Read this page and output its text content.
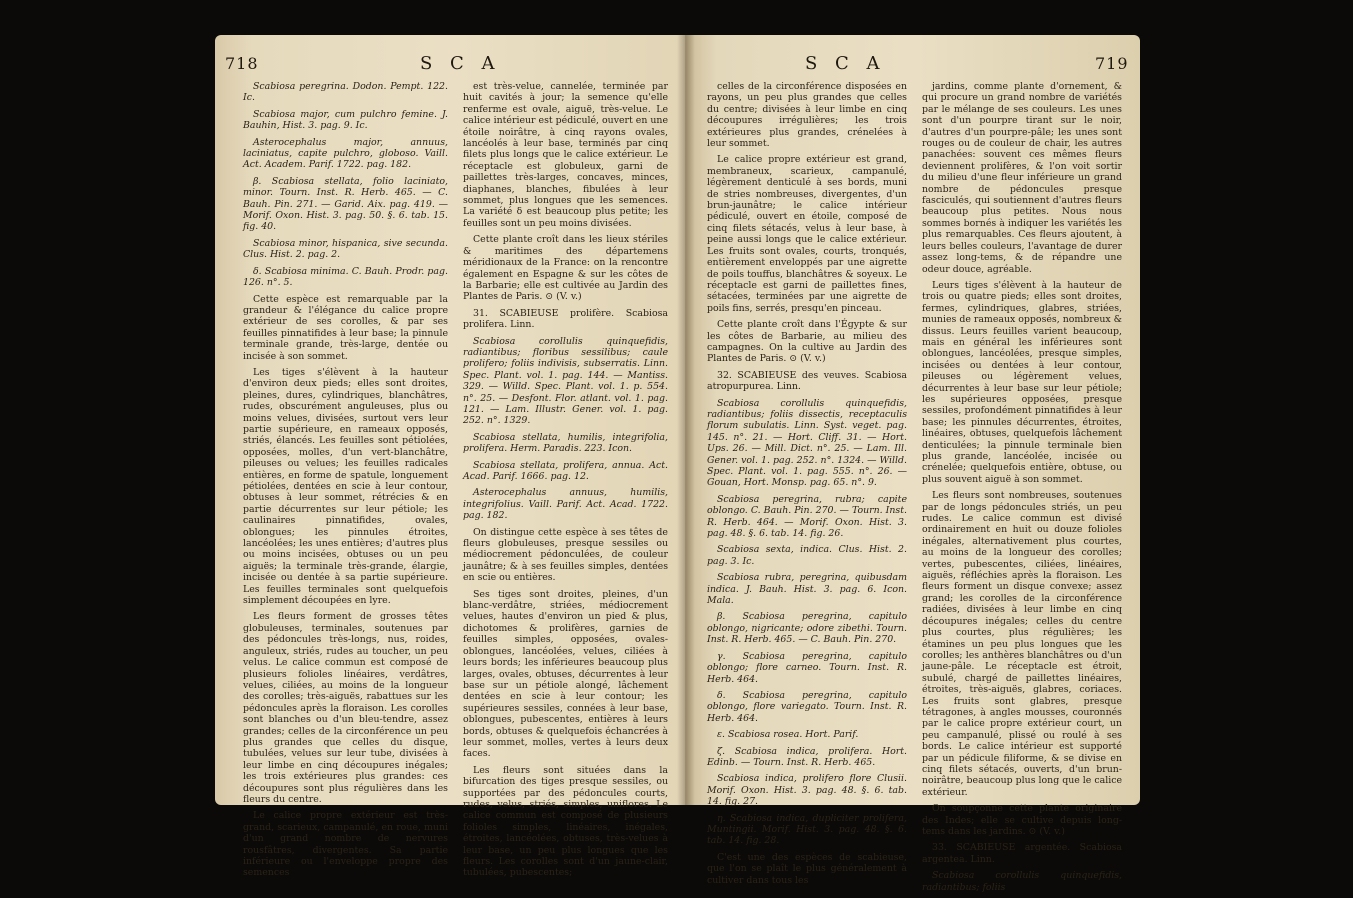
718	S C A

Scabiosa peregrina. Dodon. Pempt. 122. Ic.

Scabiosa major, cum pulchro femine. J. Bauhin, Hist. 3. pag. 9. Ic.

Asterocephalus major, annuus, laciniatus, capite pulchro, globoso. Vaill. Act. Academ. Parif. 1722. pag. 182.

β. Scabiosa stellata, folio laciniato, minor. Tourn. Inst. R. Herb. 465. — C. Bauh. Pin. 271. — Garid. Aix. pag. 419. — Morif. Oxon. Hist. 3. pag. 50. §. 6. tab. 15. fig. 40.

Scabiosa minor, hispanica, sive secunda. Clus. Hist. 2. pag. 2.

δ. Scabiosa minima. C. Bauh. Prodr. pag. 126. n°. 5.

Cette espèce est remarquable par la grandeur & l'élégance du calice propre extérieur de ses corolles, & par ses feuilles pinnatifides à leur base; la pinnule terminale grande, très-large, dentée ou incisée à son sommet.

Les tiges s'élèvent à la hauteur d'environ deux pieds; elles sont droites, pleines, dures, cylindriques, blanchâtres, rudes, obscurément anguleuses, plus ou moins velues, divisées, surtout vers leur partie supérieure, en rameaux opposés, striés, élancés. Les feuilles sont pétiolées, opposées, molles, d'un vert-blanchâtre, pileuses ou velues; les feuilles radicales entières, en forme de spatule, longuement pétiolées, dentées en scie à leur contour, obtuses à leur sommet, rétrécies & en partie décurrentes sur leur pétiole; les caulinaires pinnatifides, ovales, oblongues; les pinnules étroites, lancéolées; les unes entières; d'autres plus ou moins incisées, obtuses ou un peu aiguës; la terminale très-grande, élargie, incisée ou dentée à sa partie supérieure. Les feuilles terminales sont quelquefois simplement découpées en lyre.

Les fleurs forment de grosses têtes globuleuses, terminales, soutenues par des pédoncules très-longs, nus, roides, anguleux, striés, rudes au toucher, un peu velus. Le calice commun est composé de plusieurs folioles linéaires, verdâtres, velues, ciliées, au moins de la longueur des corolles; très-aiguës, rabattues sur les pédoncules après la floraison. Les corolles sont blanches ou d'un bleu-tendre, assez grandes; celles de la circonférence un peu plus grandes que celles du disque, tubulées, velues sur leur tube, divisées à leur limbe en cinq découpures inégales; les trois extérieures plus grandes: ces découpures sont plus régulières dans les fleurs du centre.

Le calice propre extérieur est très-grand, scarieux, campanulé, en roue, muni d'un grand nombre de nervures rousfâtres, divergentes. Sa partie inférieure ou l'enveloppe propre des semences

est très-velue, cannelée, terminée par huit cavités à jour; la semence qu'elle renferme est ovale, aiguë, très-velue. Le calice intérieur est pédiculé, ouvert en une étoile noirâtre, à cinq rayons ovales, lancéolés à leur base, terminés par cinq filets plus longs que le calice extérieur. Le réceptacle est globuleux, garni de paillettes très-larges, concaves, minces, diaphanes, blanches, fibulées à leur sommet, plus longues que les semences. La variété δ est beaucoup plus petite; les feuilles sont un peu moins divisées.

Cette plante croît dans les lieux stériles & maritimes des départemens méridionaux de la France: on la rencontre également en Espagne & sur les côtes de la Barbarie; elle est cultivée au Jardin des Plantes de Paris. ⊙ (V. v.)

31. SCABIEUSE prolifère. Scabiosa prolifera. Linn.

Scabiosa corollulis quinquefidis, radiantibus; floribus sessilibus; caule prolifero; foliis indivisis, subserratis. Linn. Spec. Plant. vol. 1. pag. 144. — Mantiss. 329. — Willd. Spec. Plant. vol. 1. p. 554. n°. 25. — Desfont. Flor. atlant. vol. 1. pag. 121. — Lam. Illustr. Gener. vol. 1. pag. 252. n°. 1329.

Scabiosa stellata, humilis, integrifolia, prolifera. Herm. Paradis. 223. Icon.

Scabiosa stellata, prolifera, annua. Act. Acad. Parif. 1666. pag. 12.

Asterocephalus annuus, humilis, integrifolius. Vaill. Parif. Act. Acad. 1722. pag. 182.

On distingue cette espèce à ses têtes de fleurs globuleuses, presque sessiles ou médiocrement pédonculées, de couleur jaunâtre; & à ses feuilles simples, dentées en scie ou entières.

Ses tiges sont droites, pleines, d'un blanc-verdâtre, striées, médiocrement velues, hautes d'environ un pied & plus, dichotomes & prolifères, garnies de feuilles simples, opposées, ovales-oblongues, lancéolées, velues, ciliées à leurs bords; les inférieures beaucoup plus larges, ovales, obtuses, décurrentes à leur base sur un pétiole alongé, lâchement dentées en scie à leur contour; les supérieures sessiles, connées à leur base, oblongues, pubescentes, entières à leurs bords, obtuses & quelquefois échancrées à leur sommet, molles, vertes à leurs deux faces.

Les fleurs sont situées dans la bifurcation des tiges presque sessiles, ou supportées par des pédoncules courts, rudes, velus, striés, simples, uniflores. Le calice commun est composé de plusieurs folioles simples, linéaires, inégales, étroites, lancéolées, obtuses, très-velues à leur base, un peu plus longues que les fleurs. Les corolles sont d'un jaune-clair, tubulées, pubescentes;

S C A	719

celles de la circonférence disposées en rayons, un peu plus grandes que celles du centre; divisées à leur limbe en cinq découpures irrégulières; les trois extérieures plus grandes, crénelées à leur sommet.

Le calice propre extérieur est grand, membraneux, scarieux, campanulé, légèrement denticulé à ses bords, muni de stries nombreuses, divergentes, d'un brun-jaunâtre; le calice intérieur pédiculé, ouvert en étoile, composé de cinq filets sétacés, velus à leur base, à peine aussi longs que le calice extérieur. Les fruits sont ovales, courts, tronqués, entièrement enveloppés par une aigrette de poils touffus, blanchâtres & soyeux. Le réceptacle est garni de paillettes fines, sétacées, terminées par une aigrette de poils fins, serrés, presqu'en pinceau.

Cette plante croît dans l'Égypte & sur les côtes de Barbarie, au milieu des campagnes. On la cultive au Jardin des Plantes de Paris. ⊙ (V. v.)

32. SCABIEUSE des veuves. Scabiosa atropurpurea. Linn.

Scabiosa corollulis quinquefidis, radiantibus; foliis dissectis, receptaculis florum subulatis. Linn. Syst. veget. pag. 145. n°. 21. — Hort. Cliff. 31. — Hort. Ups. 26. — Mill. Dict. n°. 25. — Lam. Ill. Gener. vol. 1. pag. 252. n°. 1324. — Willd. Spec. Plant. vol. 1. pag. 555. n°. 26. — Gouan, Hort. Monsp. pag. 65. n°. 9.

Scabiosa peregrina, rubra; capite oblongo. C. Bauh. Pin. 270. — Tourn. Inst. R. Herb. 464. — Morif. Oxon. Hist. 3. pag. 48. §. 6. tab. 14. fig. 26.

Scabiosa sexta, indica. Clus. Hist. 2. pag. 3. Ic.

Scabiosa rubra, peregrina, quibusdam indica. J. Bauh. Hist. 3. pag. 6. Icon. Mala.

β. Scabiosa peregrina, capitulo oblongo, nigricante; odore zibethi. Tourn. Inst. R. Herb. 465. — C. Bauh. Pin. 270.

γ. Scabiosa peregrina, capitulo oblongo; flore carneo. Tourn. Inst. R. Herb. 464.

δ. Scabiosa peregrina, capitulo oblongo, flore variegato. Tourn. Inst. R. Herb. 464.

ε. Scabiosa rosea. Hort. Parif.

ζ. Scabiosa indica, prolifera. Hort. Edinb. — Tourn. Inst. R. Herb. 465.

Scabiosa indica, prolifero flore Clusii. Morif. Oxon. Hist. 3. pag. 48. §. 6. tab. 14. fig. 27.

η. Scabiosa indica, dupliciter prolifera, Muntingii. Morif. Hist. 3. pag. 48. §. 6. tab. 14. fig. 28.

C'est une des espèces de scabieuse, que l'on se plaît le plus généralement à cultiver dans tous les

jardins, comme plante d'ornement, & qui procure un grand nombre de variétés par le mélange de ses couleurs. Les unes sont d'un pourpre tirant sur le noir, d'autres d'un pourpre-pâle; les unes sont rouges ou de couleur de chair, les autres panachées: souvent ces mêmes fleurs deviennent prolifères, & l'on voit sortir du milieu d'une fleur inférieure un grand nombre de pédoncules presque fasciculés, qui soutiennent d'autres fleurs beaucoup plus petites. Nous nous sommes bornés à indiquer les variétés les plus remarquables. Ces fleurs ajoutent, à leurs belles couleurs, l'avantage de durer assez long-tems, & de répandre une odeur douce, agréable.

Leurs tiges s'élèvent à la hauteur de trois ou quatre pieds; elles sont droites, fermes, cylindriques, glabres, striées, munies de rameaux opposés, nombreux & dissus. Leurs feuilles varient beaucoup, mais en général les inférieures sont oblongues, lancéolées, presque simples, incisées ou dentées à leur contour, pileuses ou légèrement velues, décurrentes à leur base sur leur pétiole; les supérieures opposées, presque sessiles, profondément pinnatifides à leur base; les pinnules décurrentes, étroites, linéaires, obtuses, quelquefois lâchement denticulées; la pinnule terminale bien plus grande, lancéolée, incisée ou crénelée; quelquefois entière, obtuse, ou plus souvent aiguë à son sommet.

Les fleurs sont nombreuses, soutenues par de longs pédoncules striés, un peu rudes. Le calice commun est divisé ordinairement en huit ou douze folioles inégales, alternativement plus courtes, au moins de la longueur des corolles; vertes, pubescentes, ciliées, linéaires, aiguës, réfléchies après la floraison. Les fleurs forment un disque convexe; assez grand; les corolles de la circonférence radiées, divisées à leur limbe en cinq découpures inégales; celles du centre plus courtes, plus régulières; les étamines un peu plus longues que les corolles; les anthères blanchâtres ou d'un jaune-pâle. Le réceptacle est étroit, subulé, chargé de paillettes linéaires, étroites, très-aiguës, glabres, coriaces. Les fruits sont glabres, presque tétragones, à angles mousses, couronnés par le calice propre extérieur court, un peu campanulé, plissé ou roulé à ses bords. Le calice intérieur est supporté par un pédicule filiforme, & se divise en cinq filets sétacés, ouverts, d'un brun-noirâtre, beaucoup plus long que le calice extérieur.

On soupçonne cette plante originaire des Indes; elle se cultive depuis long-tems dans les jardins. ⊙ (V. v.)

33. SCABIEUSE argentée. Scabiosa argentea. Linn.

Scabiosa corollulis quinquefidis, radiantibus; foliis
